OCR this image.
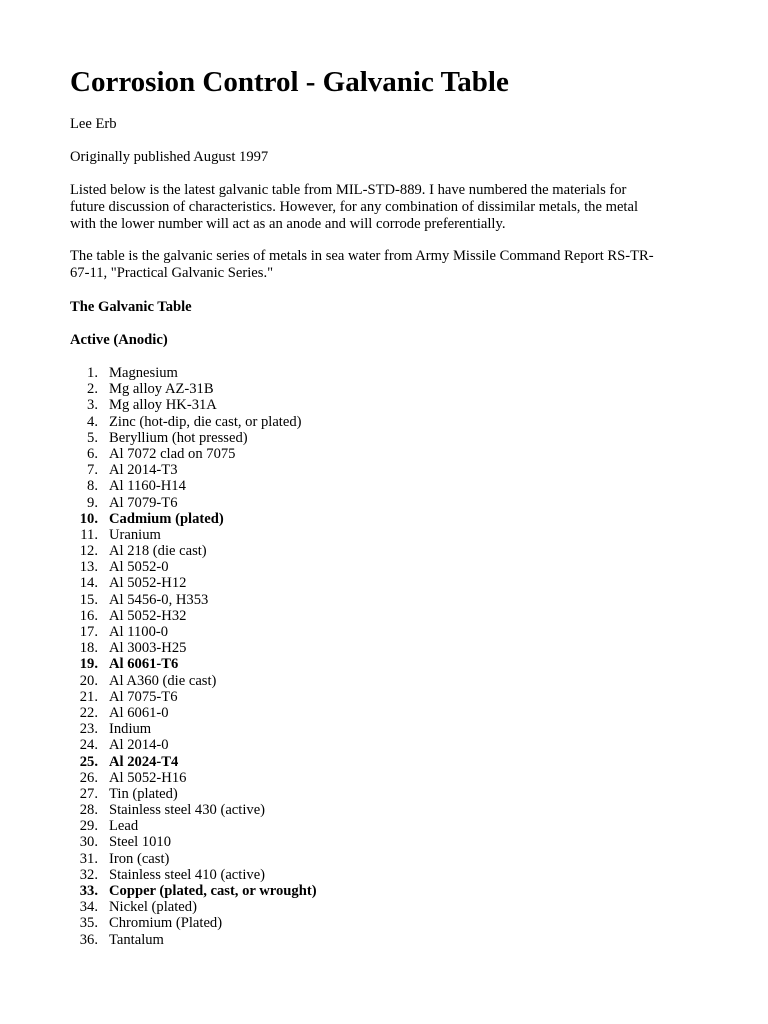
Corrosion Control - Galvanic Table

Lee Erb

Originally published August 1997

Listed below is the latest galvanic table from MIL-STD-889. I have numbered the materials for
future discussion of characteristics. However, for any combination of dissimilar metals, the metal
with the lower number will act as an anode and will corrode preferentially.

The table is the galvanic series of metals in sea water from Army Missile Command Report RS-TR-
67-11, "Practical Galvanic Series."

The Galvanic Table

Active (Anodic)

1. Magnesium
2. Mg alloy AZ-31B
3. Mg alloy HK-31A
4. Zinc (hot-dip, die cast, or plated)
5. Beryllium (hot pressed)
6. Al 7072 clad on 7075
7. Al 2014-T3
8. Al 1160-H14
9. Al 7079-T6
10. Cadmium (plated)
11. Uranium
12. Al 218 (die cast)
13. Al 5052-0
14. Al 5052-H12
15. Al 5456-0, H353
16. Al 5052-H32
17. Al 1100-0
18. Al 3003-H25
19. Al 6061-T6
20. Al A360 (die cast)
21. Al 7075-T6
22. Al 6061-0
23. Indium
24. Al 2014-0
25. Al 2024-T4
26. Al 5052-H16
27. Tin (plated)
28. Stainless steel 430 (active)
29. Lead
30. Steel 1010
31. Iron (cast)
32. Stainless steel 410 (active)
33. Copper (plated, cast, or wrought)
34. Nickel (plated)
35. Chromium (Plated)
36. Tantalum
